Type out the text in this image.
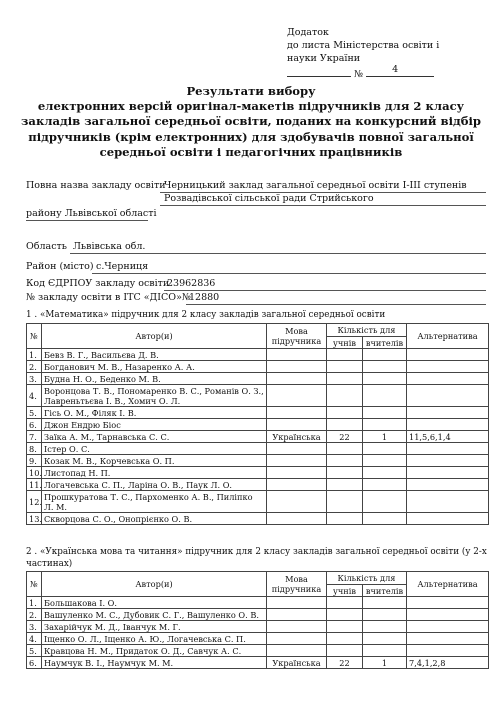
Додаток
до листа Міністерства освіти і
науки України
№	4
Результати вибору
електронних версій оригінал-макетів підручників для 2 класу
закладів загальної середньої освіти, поданих на конкурсний відбір
підручників (крім електронних) для здобувачів повної загальної
середньої освіти і педагогічних працівників
Повна назва закладу освіти
Черницький заклад загальної середньої освіти І-ІІІ ступенів
Розвадівської сільської ради Стрийського
району Львівської області
Область Львівська обл.
Район (місто) с.Черниця
Код ЄДРПОУ закладу освіти
23962836
№ закладу освіти в ІТС «ДІСО»№
12880
1 . «Математика» підручник для 2 класу закладів загальної середньої освіти
№	Автор(и)	Мова підручника	Кількість для		Альтернатива
			учнів	вчителів	
1.	Бевз В. Г., Васильєва Д. В.				
2.	Богданович М. В., Назаренко А. А.				
3.	Будна Н. О., Беденко М. В.				
4.	Воронцова Т. В., Пономаренко В. С., Романів О. З., Лавреньтьєва І. В., Хомич О. Л.				
5.	Гісь О. М., Філяк І. В.				
6.	Джон Ендрю Біос				
7.	Заїка А. М., Тарнавська С. С.	Українська	22	1	11,5,6,1,4
8.	Істер О. С.				
9.	Козак М. В., Корчевська О. П.				
10.	Листопад Н. П.				
11.	Логачевська С. П., Ларіна О. В., Паук Л. О.				
12.	Прошкуратова Т. С., Пархоменко А. В., Пиліпко Л. М.				
13.	Скворцова С. О., Онопрієнко О. В.				
2 . «Українська мова та читання» підручник для 2 класу закладів загальної середньої освіти (у 2-х частинах)
№	Автор(и)	Мова підручника	Кількість для		Альтернатива
			учнів	вчителів	
1.	Большакова І. О.				
2.	Вашуленко М. С., Дубовик С. Г., Вашуленко О. В.				
3.	Захарійчук М. Д., Іванчук М. Г.				
4.	Іщенко О. Л., Іщенко А. Ю., Логачевська С. П.				
5.	Кравцова Н. М., Придаток О. Д., Савчук А. С.				
6.	Наумчук В. І., Наумчук М. М.	Українська	22	1	7,4,1,2,8
